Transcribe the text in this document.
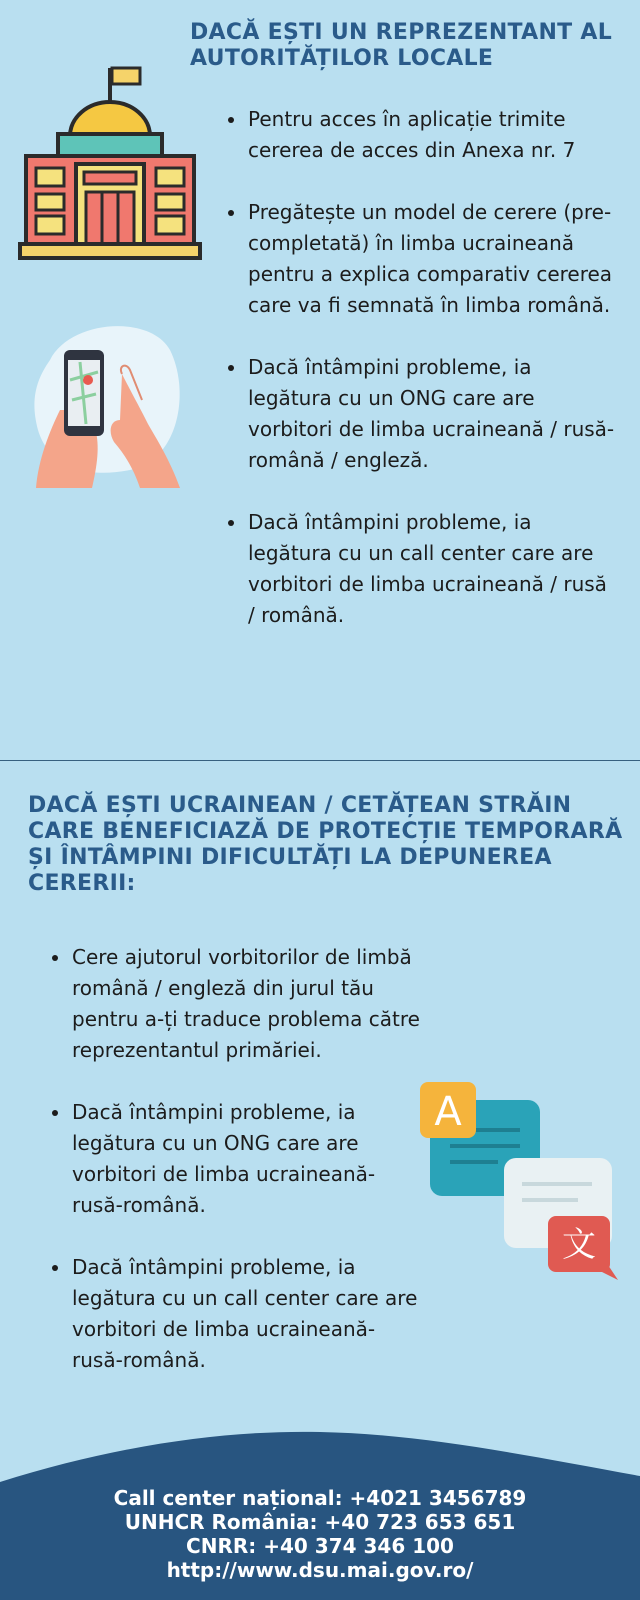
DACĂ EȘTI UN REPREZENTANT AL AUTORITĂȚILOR LOCALE
Pentru acces în aplicație trimite cererea de acces din Anexa nr. 7
Pregătește un model de cerere (pre-completată) în limba ucraineană pentru a explica comparativ cererea care va fi semnată în limba română.
Dacă întâmpini probleme, ia legătura cu un ONG care are vorbitori de limba ucraineană / rusă-română / engleză.
Dacă întâmpini probleme, ia legătura cu un call center care are vorbitori de limba ucraineană / rusă / română.
DACĂ EȘTI UCRAINEAN / CETĂȚEAN STRĂIN CARE BENEFICIAZĂ DE PROTECȚIE TEMPORARĂ ȘI ÎNTÂMPINI DIFICULTĂȚI LA DEPUNEREA CERERII:
Cere ajutorul vorbitorilor de limbă română / engleză din jurul tău pentru a-ți traduce problema către reprezentantul primăriei.
Dacă întâmpini probleme, ia legătura cu un ONG care are vorbitori de limba ucraineană-rusă-română.
Dacă întâmpini probleme, ia legătura cu un call center care are vorbitori de limba ucraineană-rusă-română.
A
文
Call center național: +4021 3456789
UNHCR România: +40 723 653 651
CNRR: +40 374 346 100
http://www.dsu.mai.gov.ro/
